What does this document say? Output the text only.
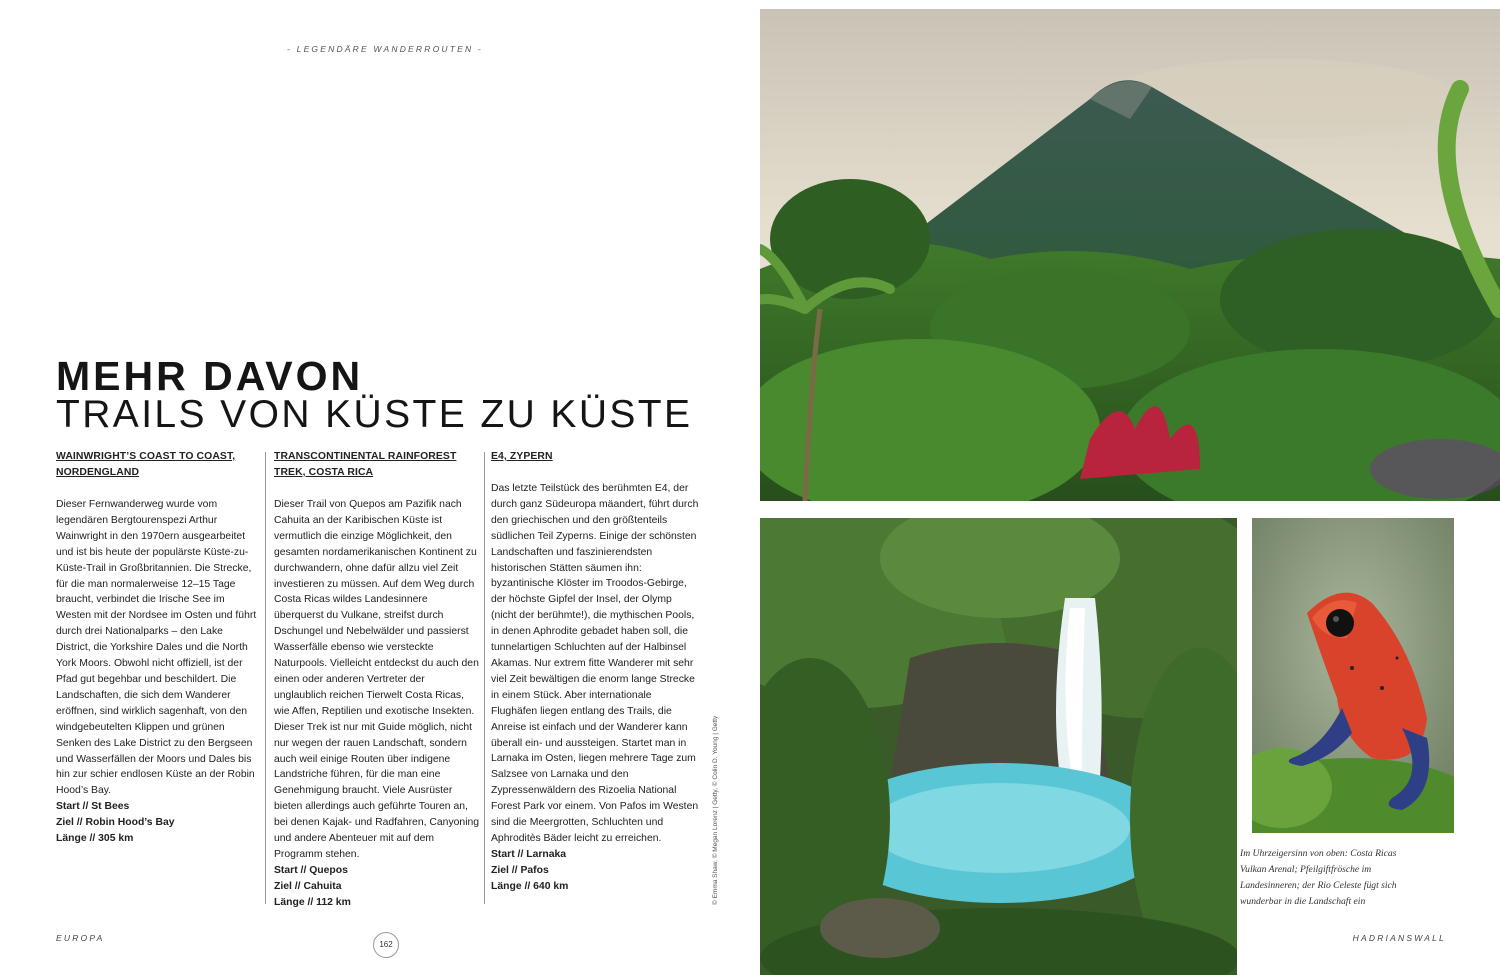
- LEGENDÄRE WANDERROUTEN -
MEHR DAVON
TRAILS VON KÜSTE ZU KÜSTE
WAINWRIGHT’S COAST TO COAST, NORDENGLAND

Dieser Fernwanderweg wurde vom legendären Bergtourenspezi Arthur Wainwright in den 1970ern ausgearbeitet und ist bis heute der populärste Küste-zu-Küste-Trail in Großbritannien. Die Strecke, für die man normalerweise 12–15 Tage braucht, verbindet die Irische See im Westen mit der Nordsee im Osten und führt durch drei Nationalparks – den Lake District, die Yorkshire Dales und die North York Moors. Obwohl nicht offiziell, ist der Pfad gut begehbar und beschildert. Die Landschaften, die sich dem Wanderer eröffnen, sind wirklich sagenhaft, von den windgebeutelten Klippen und grünen Senken des Lake District zu den Bergseen und Wasserfällen der Moors und Dales bis hin zur schier endlosen Küste an der Robin Hood’s Bay.

Start // St Bees
Ziel // Robin Hood’s Bay
Länge // 305 km
TRANSCONTINENTAL RAINFOREST TREK, COSTA RICA

Dieser Trail von Quepos am Pazifik nach Cahuita an der Karibischen Küste ist vermutlich die einzige Möglichkeit, den gesamten nordamerikanischen Kontinent zu durchwandern, ohne dafür allzu viel Zeit investieren zu müssen. Auf dem Weg durch Costa Ricas wildes Landesinnere überquerst du Vulkane, streifst durch Dschungel und Nebelwälder und passierst Wasserfälle ebenso wie versteckte Naturpools. Vielleicht entdeckst du auch den einen oder anderen Vertreter der unglaublich reichen Tierwelt Costa Ricas, wie Affen, Reptilien und exotische Insekten. Dieser Trek ist nur mit Guide möglich, nicht nur wegen der rauen Landschaft, sondern auch weil einige Routen über indigene Landstriche führen, für die man eine Genehmigung braucht. Viele Ausrüster bieten allerdings auch geführte Touren an, bei denen Kajak- und Radfahren, Canyoning und andere Abenteuer mit auf dem Programm stehen.

Start // Quepos
Ziel // Cahuita
Länge // 112 km
E4, ZYPERN

Das letzte Teilstück des berühmten E4, der durch ganz Südeuropa mäandert, führt durch den griechischen und den größtenteils südlichen Teil Zyperns. Einige der schönsten Landschaften und faszinierendsten historischen Stätten säumen ihn: byzantinische Klöster im Troodos-Gebirge, der höchste Gipfel der Insel, der Olymp (nicht der berühmte!), die mythischen Pools, in denen Aphrodite gebadet haben soll, die tunnelartigen Schluchten auf der Halbinsel Akamas. Nur extrem fitte Wanderer mit sehr viel Zeit bewältigen die enorm lange Strecke in einem Stück. Aber internationale Flughäfen liegen entlang des Trails, die Anreise ist einfach und der Wanderer kann überall ein- und aussteigen. Startet man in Larnaka im Osten, liegen mehrere Tage zum Salzsee von Larnaka und den Zypressenwäldern des Rizoelia National Forest Park vor einem. Von Pafos im Westen sind die Meergrotten, Schluchten und Aphroditès Bäder leicht zu erreichen.

Start // Larnaka
Ziel // Pafos
Länge // 640 km	© Emma Shaw, © Megan Lorenz | Getty, © Colin D. Young | Getty
EUROPA
162
Im Uhrzeigersinn von oben: Costa Ricas Vulkan Arenal; Pfeilgiftfrösche im Landesinneren; der Rio Celeste fügt sich wunderbar in die Landschaft ein
HADRIANSWALL
